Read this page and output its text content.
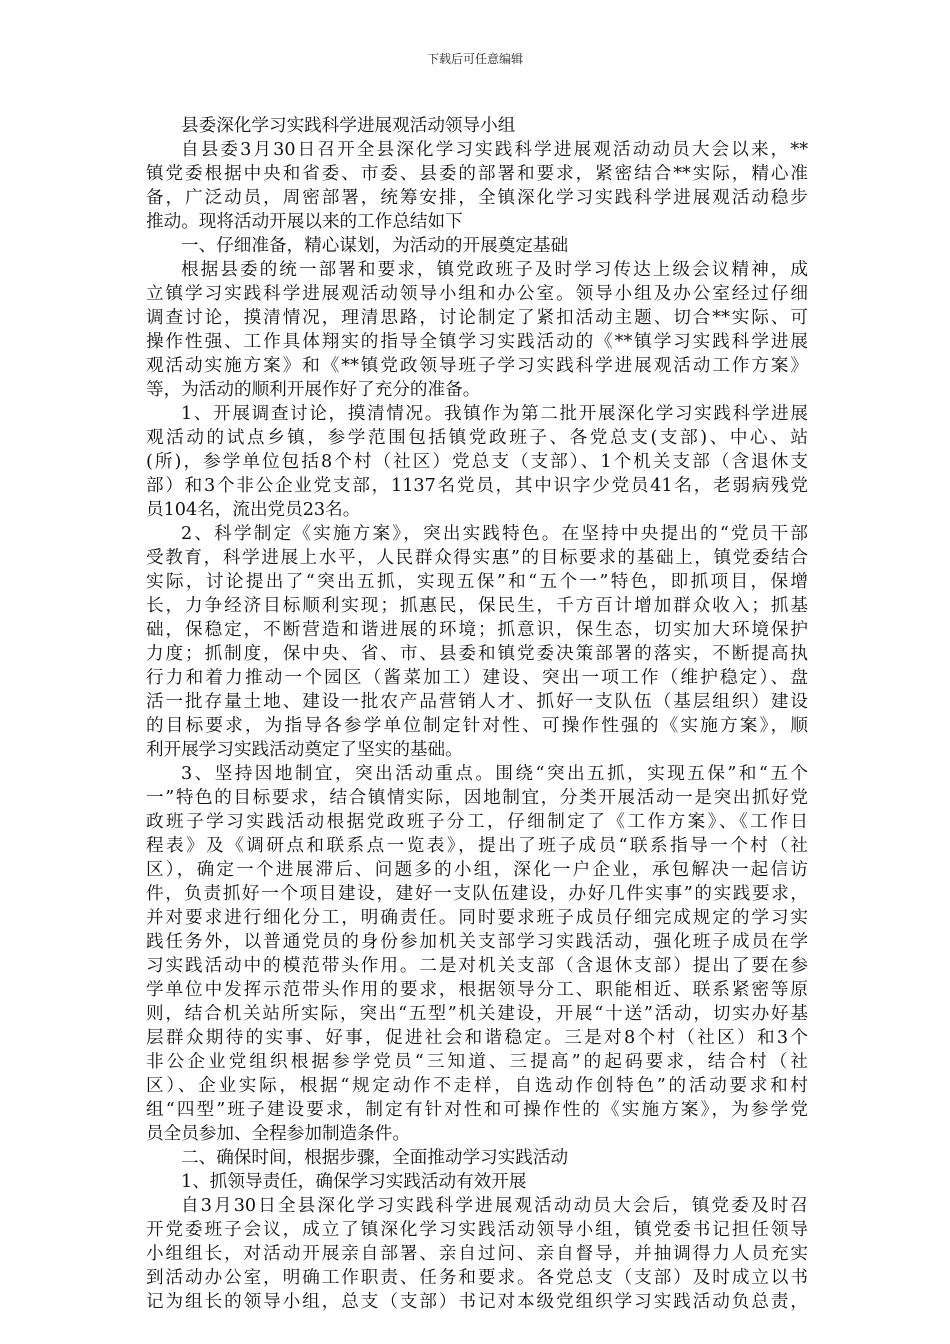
下载后可任意编辑
县委深化学习实践科学进展观活动领导小组
自县委3月30日召开全县深化学习实践科学进展观活动动员大会以来，**
镇党委根据中央和省委、市委、县委的部署和要求，紧密结合**实际，精心准
备，广泛动员，周密部署，统筹安排，全镇深化学习实践科学进展观活动稳步
推动。现将活动开展以来的工作总结如下
一、仔细准备，精心谋划，为活动的开展奠定基础
根据县委的统一部署和要求，镇党政班子及时学习传达上级会议精神，成
立镇学习实践科学进展观活动领导小组和办公室。领导小组及办公室经过仔细
调查讨论，摸清情况，理清思路，讨论制定了紧扣活动主题、切合**实际、可
操作性强、工作具体翔实的指导全镇学习实践活动的《**镇学习实践科学进展
观活动实施方案》和《**镇党政领导班子学习实践科学进展观活动工作方案》
等，为活动的顺利开展作好了充分的准备。
1、开展调查讨论，摸清情况。我镇作为第二批开展深化学习实践科学进展
观活动的试点乡镇，参学范围包括镇党政班子、各党总支(支部)、中心、站
(所)，参学单位包括8个村（社区）党总支（支部）、1个机关支部（含退休支
部）和3个非公企业党支部，1137名党员，其中识字少党员41名，老弱病残党
员104名，流出党员23名。
2、科学制定《实施方案》，突出实践特色。在坚持中央提出的“党员干部
受教育，科学进展上水平，人民群众得实惠”的目标要求的基础上，镇党委结合
实际，讨论提出了“突出五抓，实现五保”和“五个一”特色，即抓项目，保增
长，力争经济目标顺利实现；抓惠民，保民生，千方百计增加群众收入；抓基
础，保稳定，不断营造和谐进展的环境；抓意识，保生态，切实加大环境保护
力度；抓制度，保中央、省、市、县委和镇党委决策部署的落实，不断提高执
行力和着力推动一个园区（酱菜加工）建设、突出一项工作（维护稳定）、盘
活一批存量土地、建设一批农产品营销人才、抓好一支队伍（基层组织）建设
的目标要求，为指导各参学单位制定针对性、可操作性强的《实施方案》，顺
利开展学习实践活动奠定了坚实的基础。
3、坚持因地制宜，突出活动重点。围绕“突出五抓，实现五保”和“五个
一”特色的目标要求，结合镇情实际，因地制宜，分类开展活动一是突出抓好党
政班子学习实践活动根据党政班子分工，仔细制定了《工作方案》、《工作日
程表》及《调研点和联系点一览表》，提出了班子成员“联系指导一个村（社
区），确定一个进展滞后、问题多的小组，深化一户企业，承包解决一起信访
件，负责抓好一个项目建设，建好一支队伍建设，办好几件实事”的实践要求，
并对要求进行细化分工，明确责任。同时要求班子成员仔细完成规定的学习实
践任务外，以普通党员的身份参加机关支部学习实践活动，强化班子成员在学
习实践活动中的模范带头作用。二是对机关支部（含退休支部）提出了要在参
学单位中发挥示范带头作用的要求，根据领导分工、职能相近、联系紧密等原
则，结合机关站所实际，突出“五型”机关建设，开展“十送”活动，切实办好基
层群众期待的实事、好事，促进社会和谐稳定。三是对8个村（社区）和3个
非公企业党组织根据参学党员“三知道、三提高”的起码要求，结合村（社
区）、企业实际，根据“规定动作不走样，自选动作创特色”的活动要求和村
组“四型”班子建设要求，制定有针对性和可操作性的《实施方案》，为参学党
员全员参加、全程参加制造条件。
二、确保时间，根据步骤，全面推动学习实践活动
1、抓领导责任，确保学习实践活动有效开展
自3月30日全县深化学习实践科学进展观活动动员大会后，镇党委及时召
开党委班子会议，成立了镇深化学习实践活动领导小组，镇党委书记担任领导
小组组长，对活动开展亲自部署、亲自过问、亲自督导，并抽调得力人员充实
到活动办公室，明确工作职责、任务和要求。各党总支（支部）及时成立以书
记为组长的领导小组，总支（支部）书记对本级党组织学习实践活动负总责，
